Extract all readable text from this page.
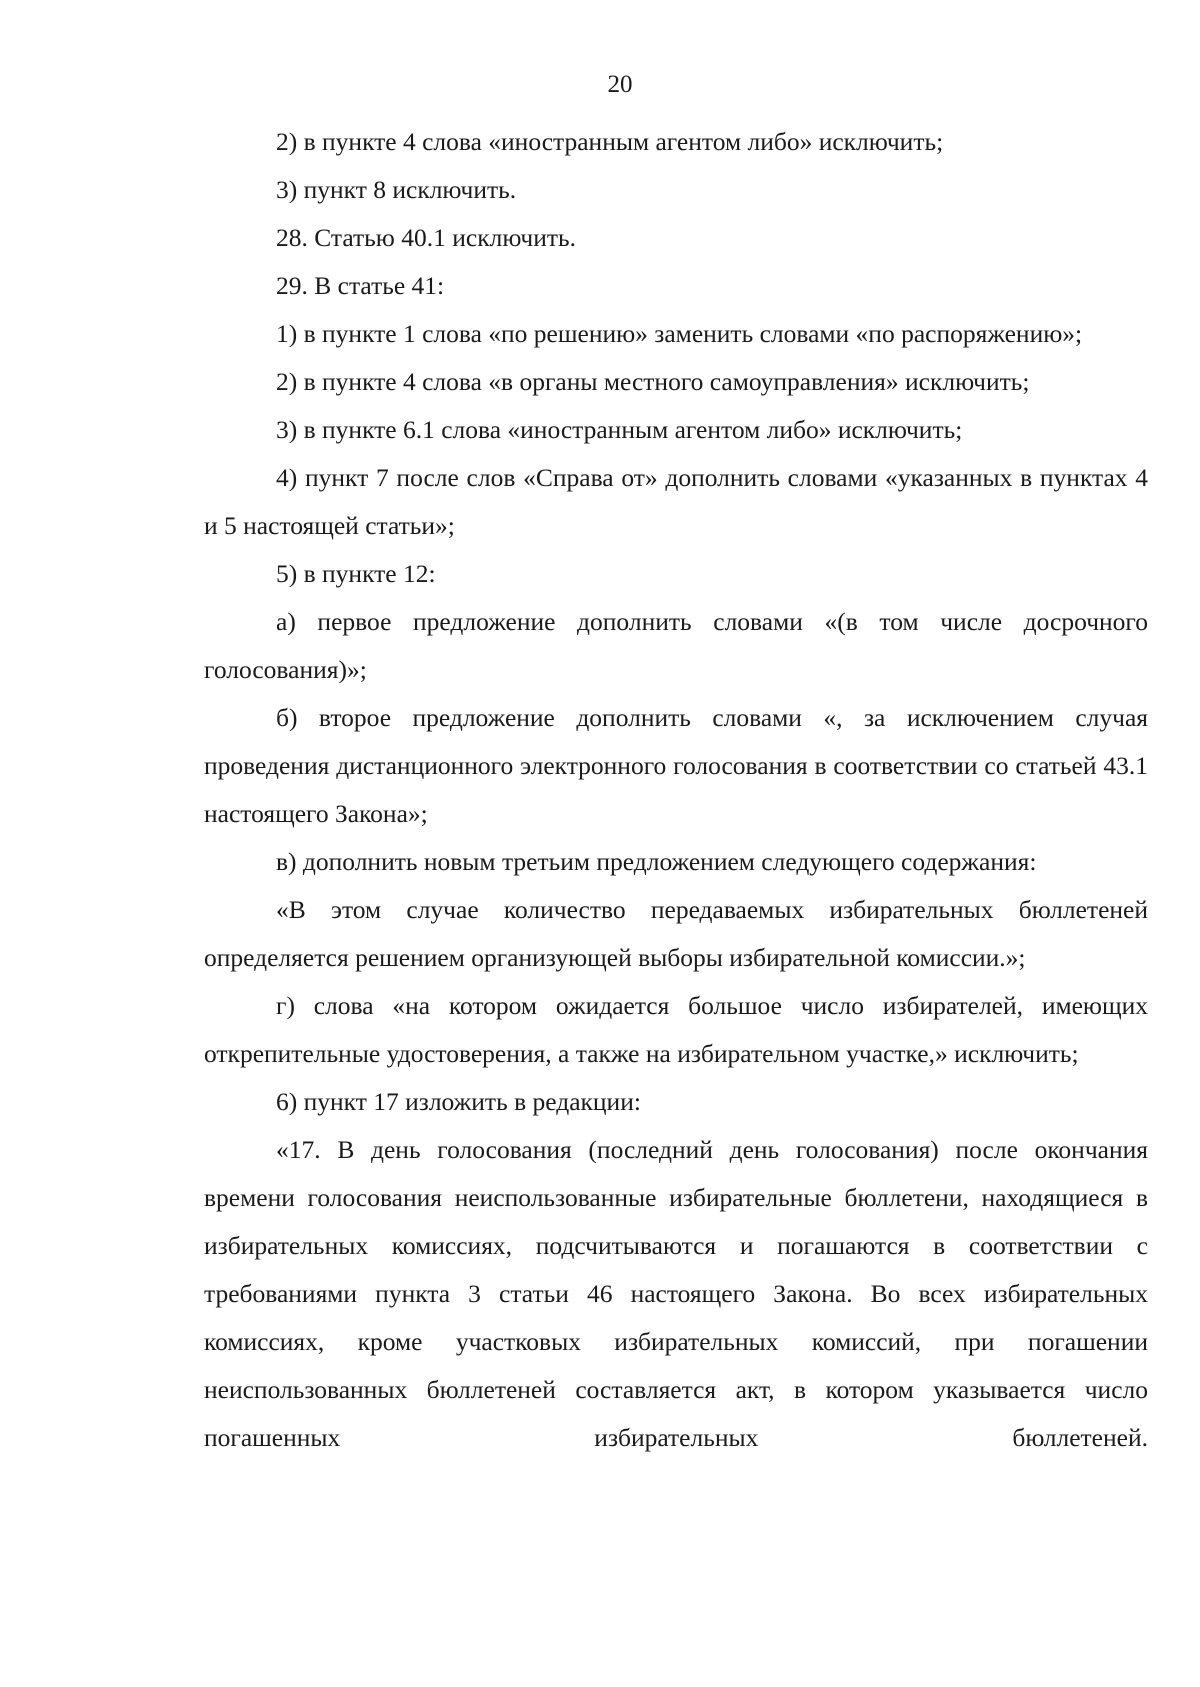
20

2) в пункте 4 слова «иностранным агентом либо» исключить;

3) пункт 8 исключить.

28. Статью 40.1 исключить.

29. В статье 41:

1) в пункте 1 слова «по решению» заменить словами «по распоряжению»;

2) в пункте 4 слова «в органы местного самоуправления» исключить;

3) в пункте 6.1 слова «иностранным агентом либо» исключить;

4) пункт 7 после слов «Справа от» дополнить словами «указанных в пунктах 4 и 5 настоящей статьи»;

5) в пункте 12:

а) первое предложение дополнить словами «(в том числе досрочного голосования)»;

б) второе предложение дополнить словами «, за исключением случая проведения дистанционного электронного голосования в соответствии со статьей 43.1 настоящего Закона»;

в) дополнить новым третьим предложением следующего содержания:

«В этом случае количество передаваемых избирательных бюллетеней определяется решением организующей выборы избирательной комиссии.»;

г) слова «на котором ожидается большое число избирателей, имеющих открепительные удостоверения, а также на избирательном участке,» исключить;

6) пункт 17 изложить в редакции:

«17. В день голосования (последний день голосования) после окончания времени голосования неиспользованные избирательные бюллетени, находящиеся в избирательных комиссиях, подсчитываются и погашаются в соответствии с требованиями пункта 3 статьи 46 настоящего Закона. Во всех избирательных комиссиях, кроме участковых избирательных комиссий, при погашении неиспользованных бюллетеней составляется акт, в котором указывается число погашенных избирательных бюллетеней.
